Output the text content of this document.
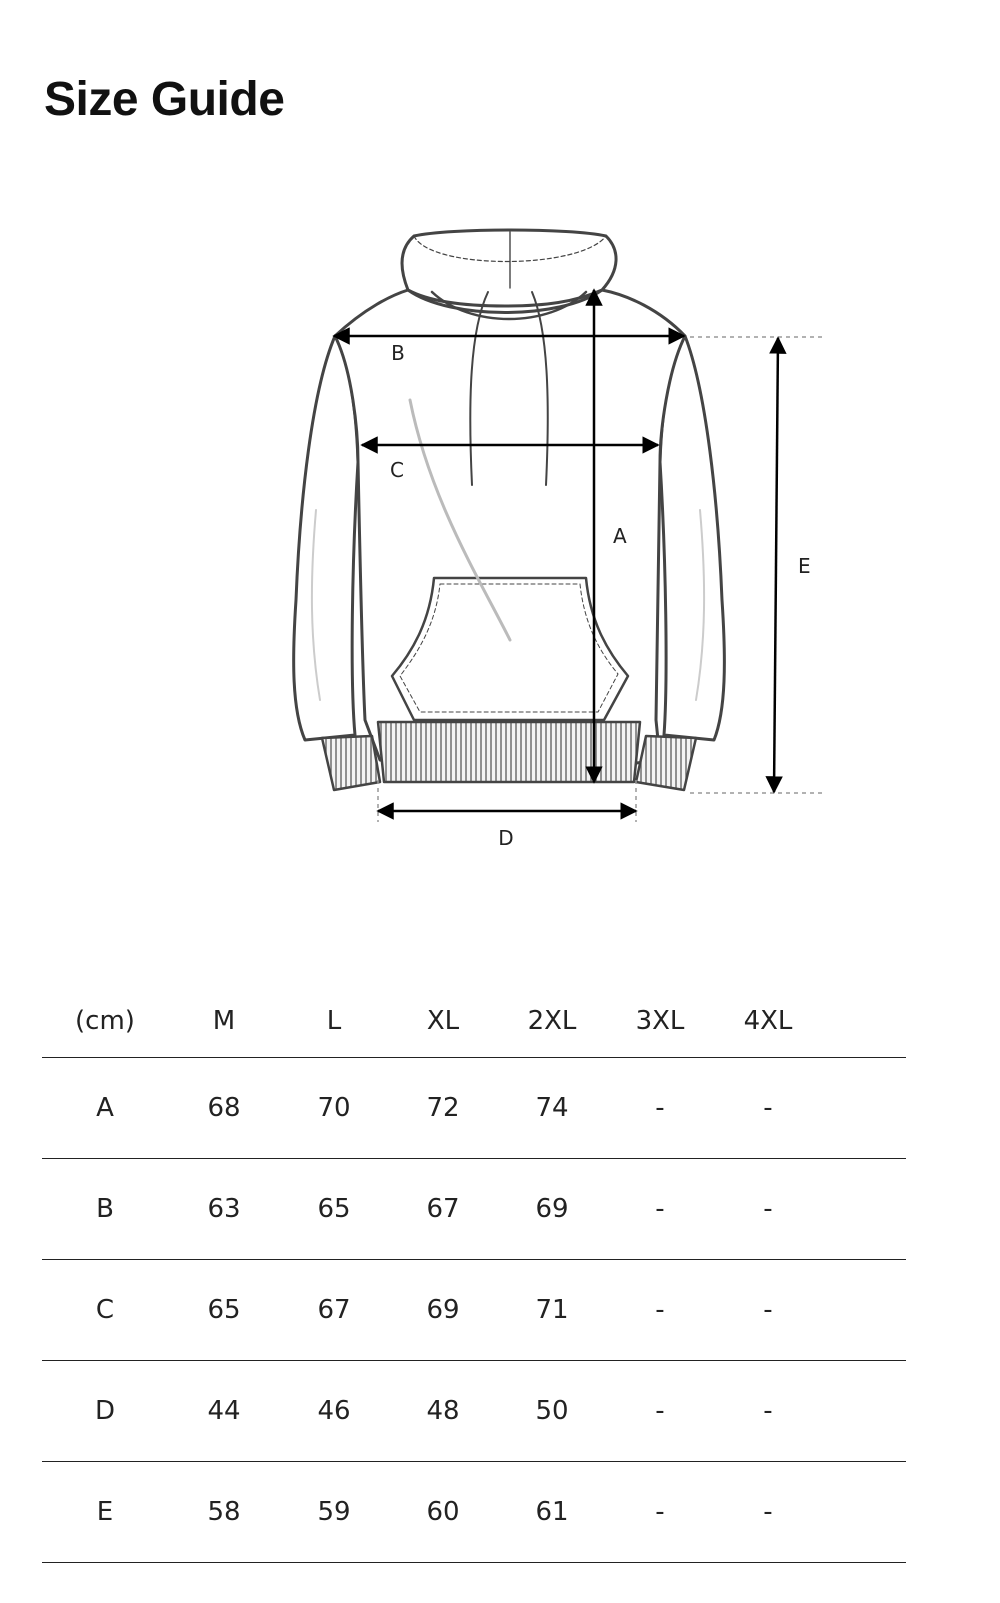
Size Guide
A
B
C
D
E
(cm)	M	L	XL	2XL	3XL	4XL	
A	68	70	72	74	-	-	
B	63	65	67	69	-	-	
C	65	67	69	71	-	-	
D	44	46	48	50	-	-	
E	58	59	60	61	-	-	
